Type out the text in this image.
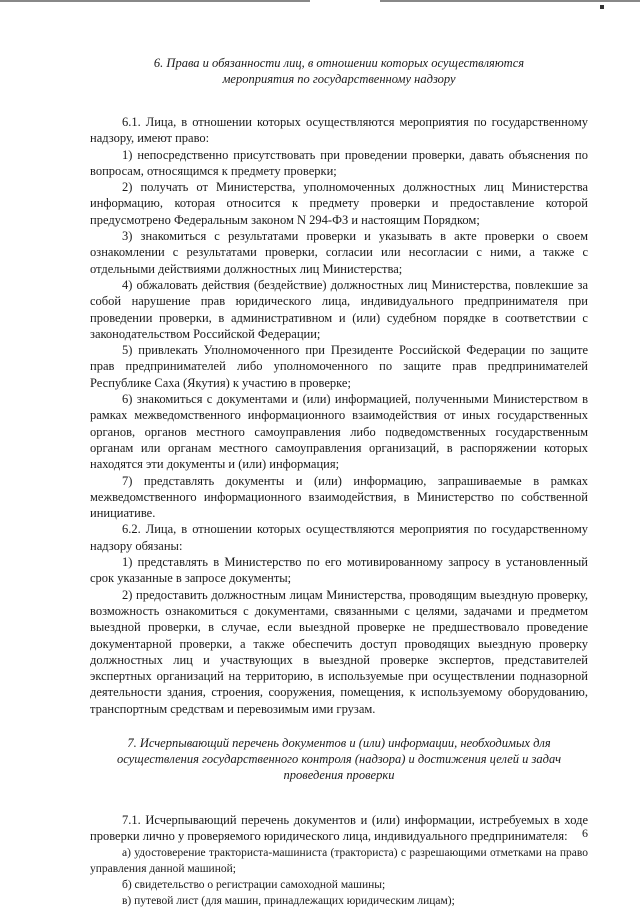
6. Права и обязанности лиц, в отношении которых осуществляются
мероприятия по государственному надзору

6.1. Лица, в отношении которых осуществляются мероприятия по государственному надзору, имеют право:

1) непосредственно присутствовать при проведении проверки, давать объяснения по вопросам, относящимся к предмету проверки;

2) получать от Министерства, уполномоченных должностных лиц Министерства информацию, которая относится к предмету проверки и предоставление которой предусмотрено Федеральным законом N 294-ФЗ и настоящим Порядком;

3) знакомиться с результатами проверки и указывать в акте проверки о своем ознакомлении с результатами проверки, согласии или несогласии с ними, а также с отдельными действиями должностных лиц Министерства;

4) обжаловать действия (бездействие) должностных лиц Министерства, повлекшие за собой нарушение прав юридического лица, индивидуального предпринимателя при проведении проверки, в административном и (или) судебном порядке в соответствии с законодательством Российской Федерации;

5) привлекать Уполномоченного при Президенте Российской Федерации по защите прав предпринимателей либо уполномоченного по защите прав предпринимателей Республике Саха (Якутия) к участию в проверке;

6) знакомиться с документами и (или) информацией, полученными Министерством в рамках межведомственного информационного взаимодействия от иных государственных органов, органов местного самоуправления либо подведомственных государственным органам или органам местного самоуправления организаций, в распоряжении которых находятся эти документы и (или) информация;

7) представлять документы и (или) информацию, запрашиваемые в рамках межведомственного информационного взаимодействия, в Министерство по собственной инициативе.

6.2. Лица, в отношении которых осуществляются мероприятия по государственному надзору обязаны:

1) представлять в Министерство по его мотивированному запросу в установленный срок указанные в запросе документы;

2) предоставить должностным лицам Министерства, проводящим выездную проверку, возможность ознакомиться с документами, связанными с целями, задачами и предметом выездной проверки, в случае, если выездной проверке не предшествовало проведение документарной проверки, а также обеспечить доступ проводящих выездную проверку должностных лиц и участвующих в выездной проверке экспертов, представителей экспертных организаций на территорию, в используемые при осуществлении подназорной деятельности здания, строения, сооружения, помещения, к используемому оборудованию, транспортным средствам и перевозимым ими грузам.

7. Исчерпывающий перечень документов и (или) информации, необходимых для
осуществления государственного контроля (надзора) и достижения целей и задач
проведения проверки

7.1. Исчерпывающий перечень документов и (или) информации, истребуемых в ходе проверки лично у проверяемого юридического лица, индивидуального предпринимателя:

а) удостоверение тракториста-машиниста (тракториста) с разрешающими отметками на право управления данной машиной;

б) свидетельство о регистрации самоходной машины;

в) путевой лист (для машин, принадлежащих юридическим лицам);

6
